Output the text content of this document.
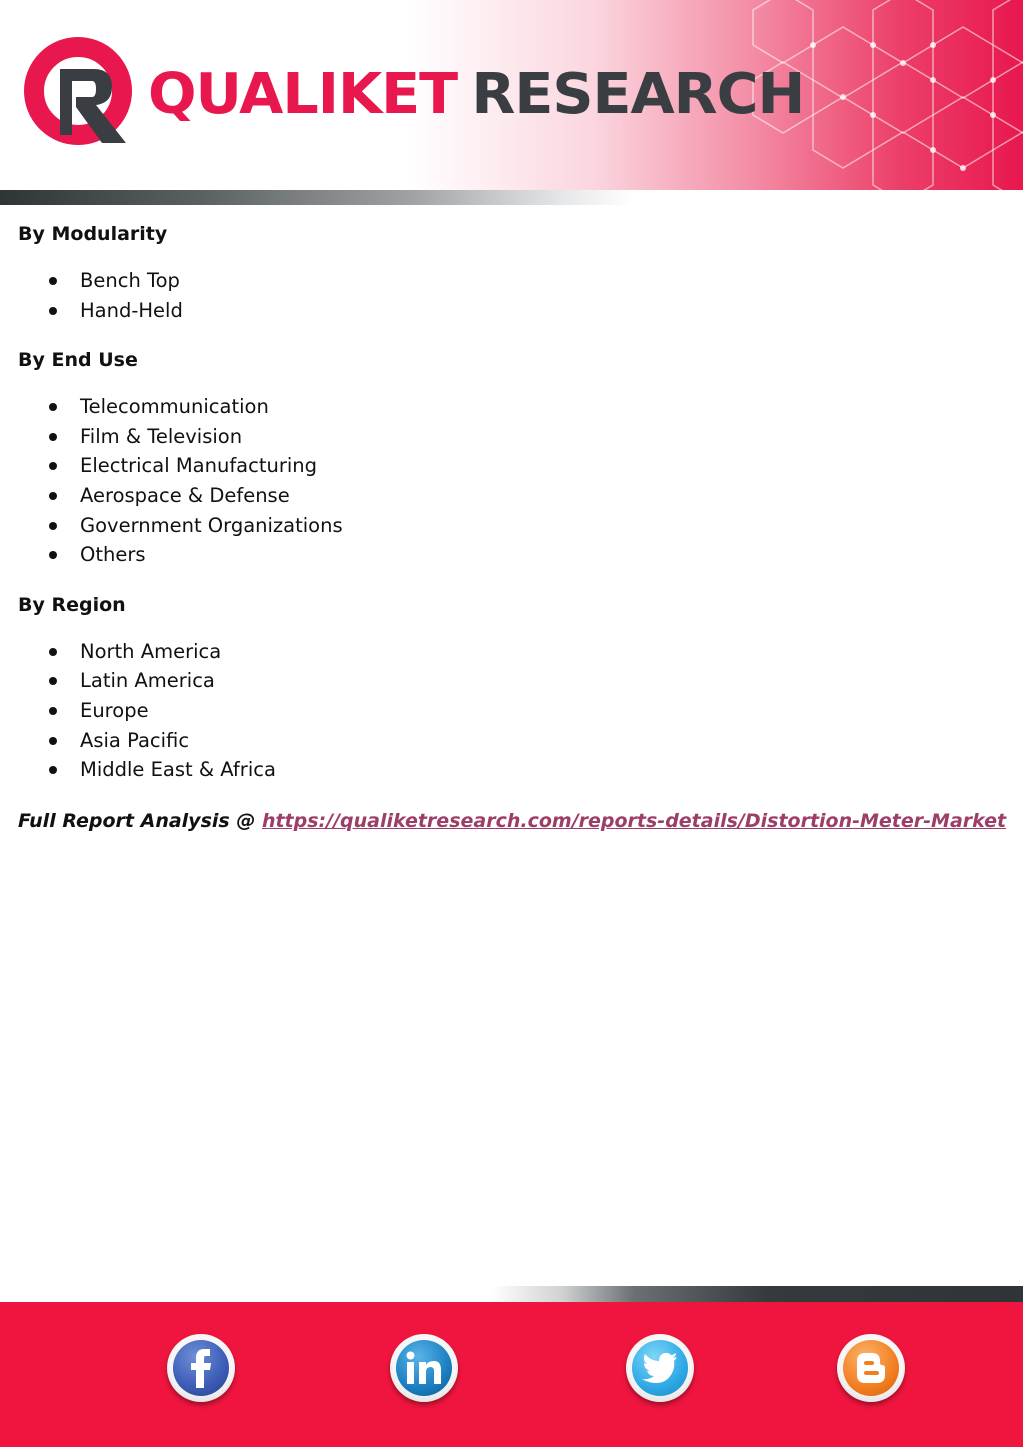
QUALIKET RESEARCH
By Modularity
Bench Top
Hand-Held
By End Use
Telecommunication
Film & Television
Electrical Manufacturing
Aerospace & Defense
Government Organizations
Others
By Region
North America
Latin America
Europe
Asia Pacific
Middle East & Africa
Full Report Analysis @ https://qualiketresearch.com/reports-details/Distortion-Meter-Market
